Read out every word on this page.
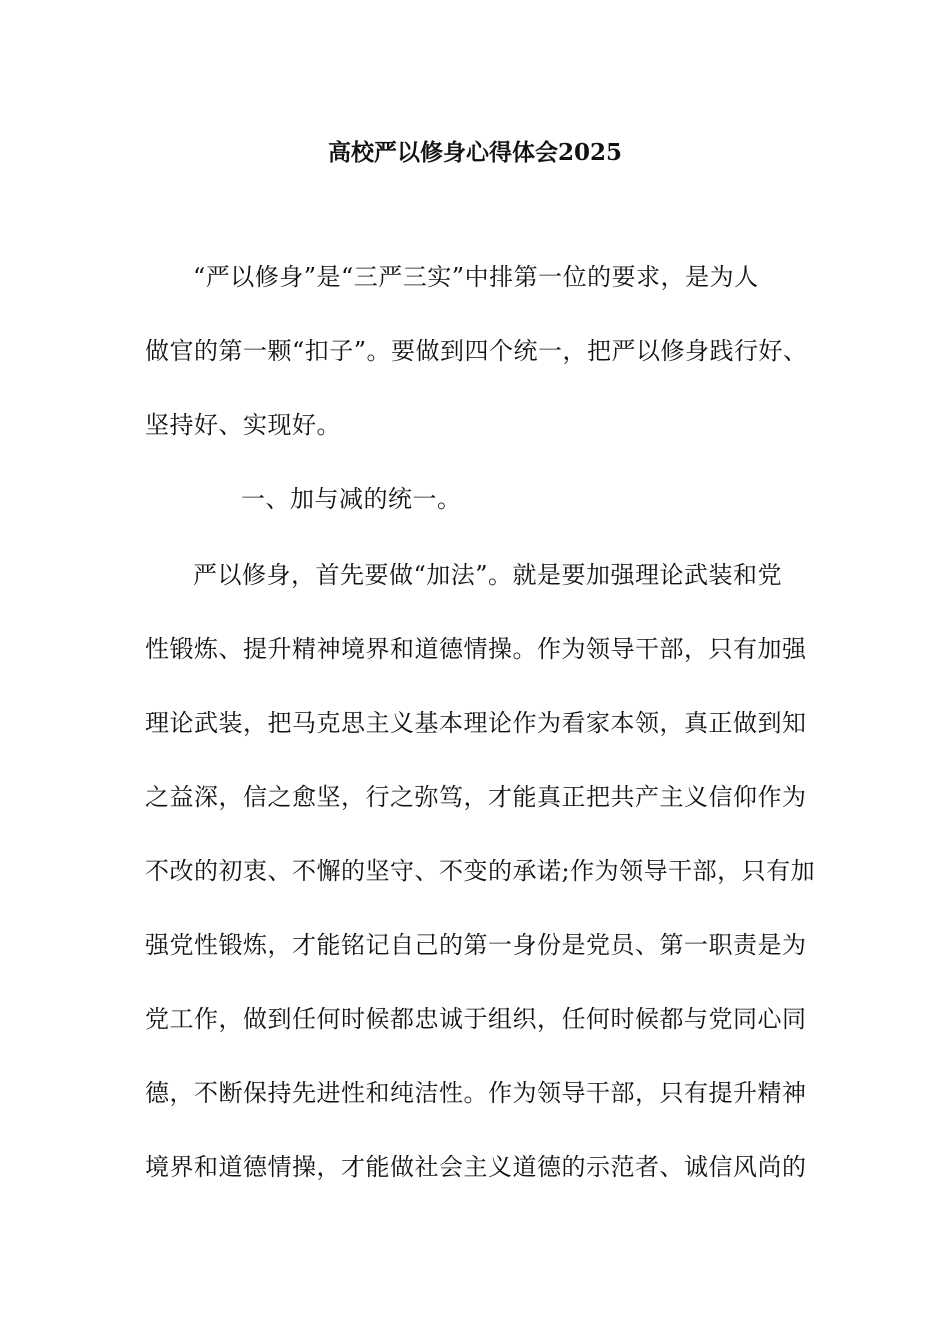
高校严以修身心得体会2025
“严以修身”是“三严三实”中排第一位的要求，是为人
做官的第一颗“扣子”。要做到四个统一，把严以修身践行好、
坚持好、实现好。
一、加与减的统一。
严以修身，首先要做“加法”。就是要加强理论武装和党
性锻炼、提升精神境界和道德情操。作为领导干部，只有加强
理论武装，把马克思主义基本理论作为看家本领，真正做到知
之益深，信之愈坚，行之弥笃，才能真正把共产主义信仰作为
不改的初衷、不懈的坚守、不变的承诺;作为领导干部，只有加
强党性锻炼，才能铭记自己的第一身份是党员、第一职责是为
党工作，做到任何时候都忠诚于组织，任何时候都与党同心同
德，不断保持先进性和纯洁性。作为领导干部，只有提升精神
境界和道德情操，才能做社会主义道德的示范者、诚信风尚的
